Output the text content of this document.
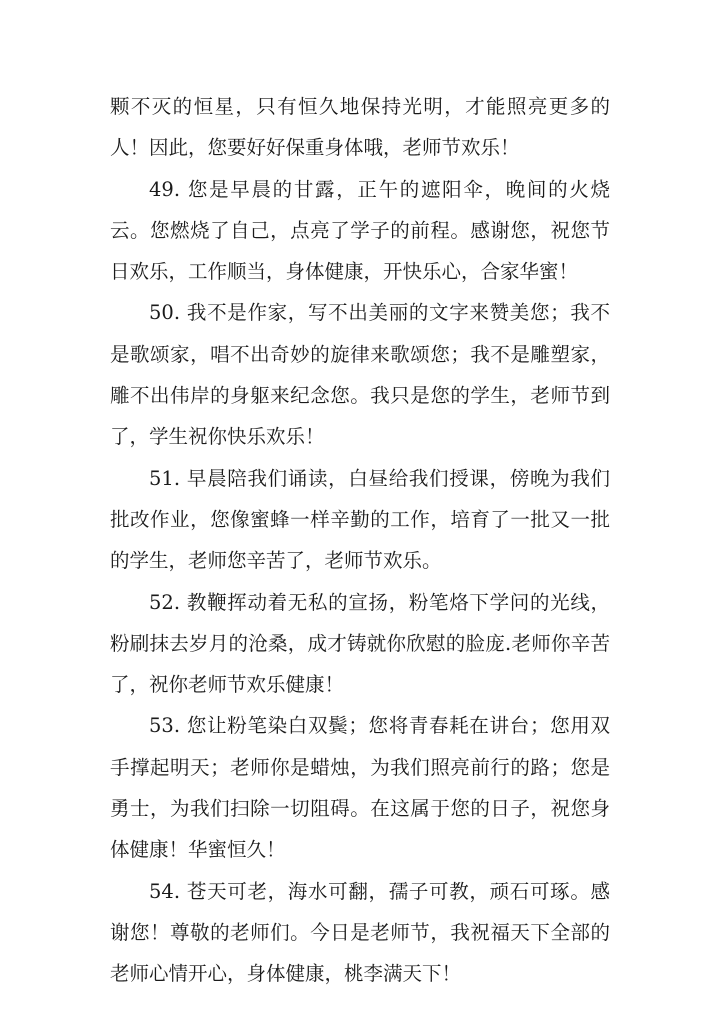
颗不灭的恒星，只有恒久地保持光明，才能照亮更多的人！因此，您要好好保重身体哦，老师节欢乐！

49. 您是早晨的甘露，正午的遮阳伞，晚间的火烧云。您燃烧了自己，点亮了学子的前程。感谢您，祝您节日欢乐，工作顺当，身体健康，开快乐心，合家华蜜！

50. 我不是作家，写不出美丽的文字来赞美您；我不是歌颂家，唱不出奇妙的旋律来歌颂您；我不是雕塑家，雕不出伟岸的身躯来纪念您。我只是您的学生，老师节到了，学生祝你快乐欢乐！

51. 早晨陪我们诵读，白昼给我们授课，傍晚为我们批改作业，您像蜜蜂一样辛勤的工作，培育了一批又一批的学生，老师您辛苦了，老师节欢乐。

52. 教鞭挥动着无私的宣扬，粉笔烙下学问的光线，粉刷抹去岁月的沧桑，成才铸就你欣慰的脸庞.老师你辛苦了，祝你老师节欢乐健康！

53. 您让粉笔染白双鬓；您将青春耗在讲台；您用双手撑起明天；老师你是蜡烛，为我们照亮前行的路；您是勇士，为我们扫除一切阻碍。在这属于您的日子，祝您身体健康！华蜜恒久！

54. 苍天可老，海水可翻，孺子可教，顽石可琢。感谢您！尊敬的老师们。今日是老师节，我祝福天下全部的老师心情开心，身体健康，桃李满天下！
